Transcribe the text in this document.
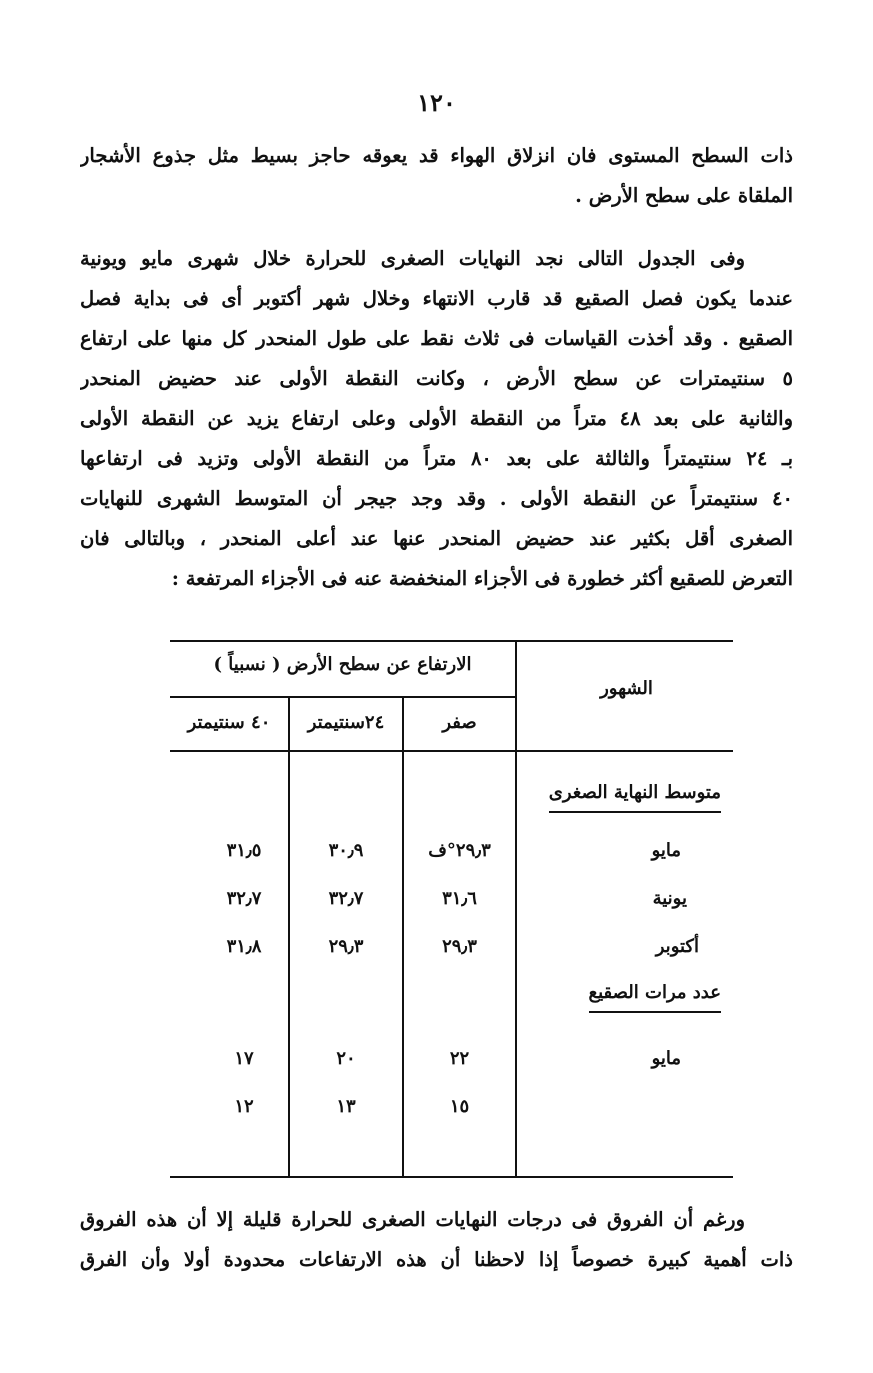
١٢٠
ذات السطح المستوى فان انزلاق الهواء قد يعوقه حاجز بسيط مثل جذوع الأشجار
الملقاة على سطح الأرض .
وفى الجدول التالى نجد النهايات الصغرى للحرارة خلال شهرى مايو ويونية
عندما يكون فصل الصقيع قد قارب الانتهاء وخلال شهر أكتوبر أى فى بداية فصل
الصقيع . وقد أخذت القياسات فى ثلاث نقط على طول المنحدر كل منها على ارتفاع
٥ سنتيمترات عن سطح الأرض ، وكانت النقطة الأولى عند حضيض المنحدر
والثانية على بعد ٤٨ متراً من النقطة الأولى وعلى ارتفاع يزيد عن النقطة الأولى
بـ ٢٤ سنتيمتراً والثالثة على بعد ٨٠ متراً من النقطة الأولى وتزيد فى ارتفاعها
٤٠ سنتيمتراً عن النقطة الأولى . وقد وجد جيجر أن المتوسط الشهرى للنهايات
الصغرى أقل بكثير عند حضيض المنحدر عنها عند أعلى المنحدر ، وبالتالى فان
التعرض للصقيع أكثر خطورة فى الأجزاء المنخفضة عنه فى الأجزاء المرتفعة :
الشهور
الارتفاع عن سطح الأرض ( نسبياً )
صفر
٢٤سنتيمتر
٤٠ سنتيمتر
متوسط النهاية الصغرى
مايو
٢٩٫٣°ف
٣٠٫٩
٣١٫٥
يونية
٣١٫٦
٣٢٫٧
٣٢٫٧
أكتوبر
٢٩٫٣
٢٩٫٣
٣١٫٨
عدد مرات الصقيع
مايو
٢٢
٢٠
١٧
١٥
١٣
١٢
ورغم أن الفروق فى درجات النهايات الصغرى للحرارة قليلة إلا أن هذه الفروق
ذات أهمية كبيرة خصوصاً إذا لاحظنا أن هذه الارتفاعات محدودة أولا وأن الفرق
